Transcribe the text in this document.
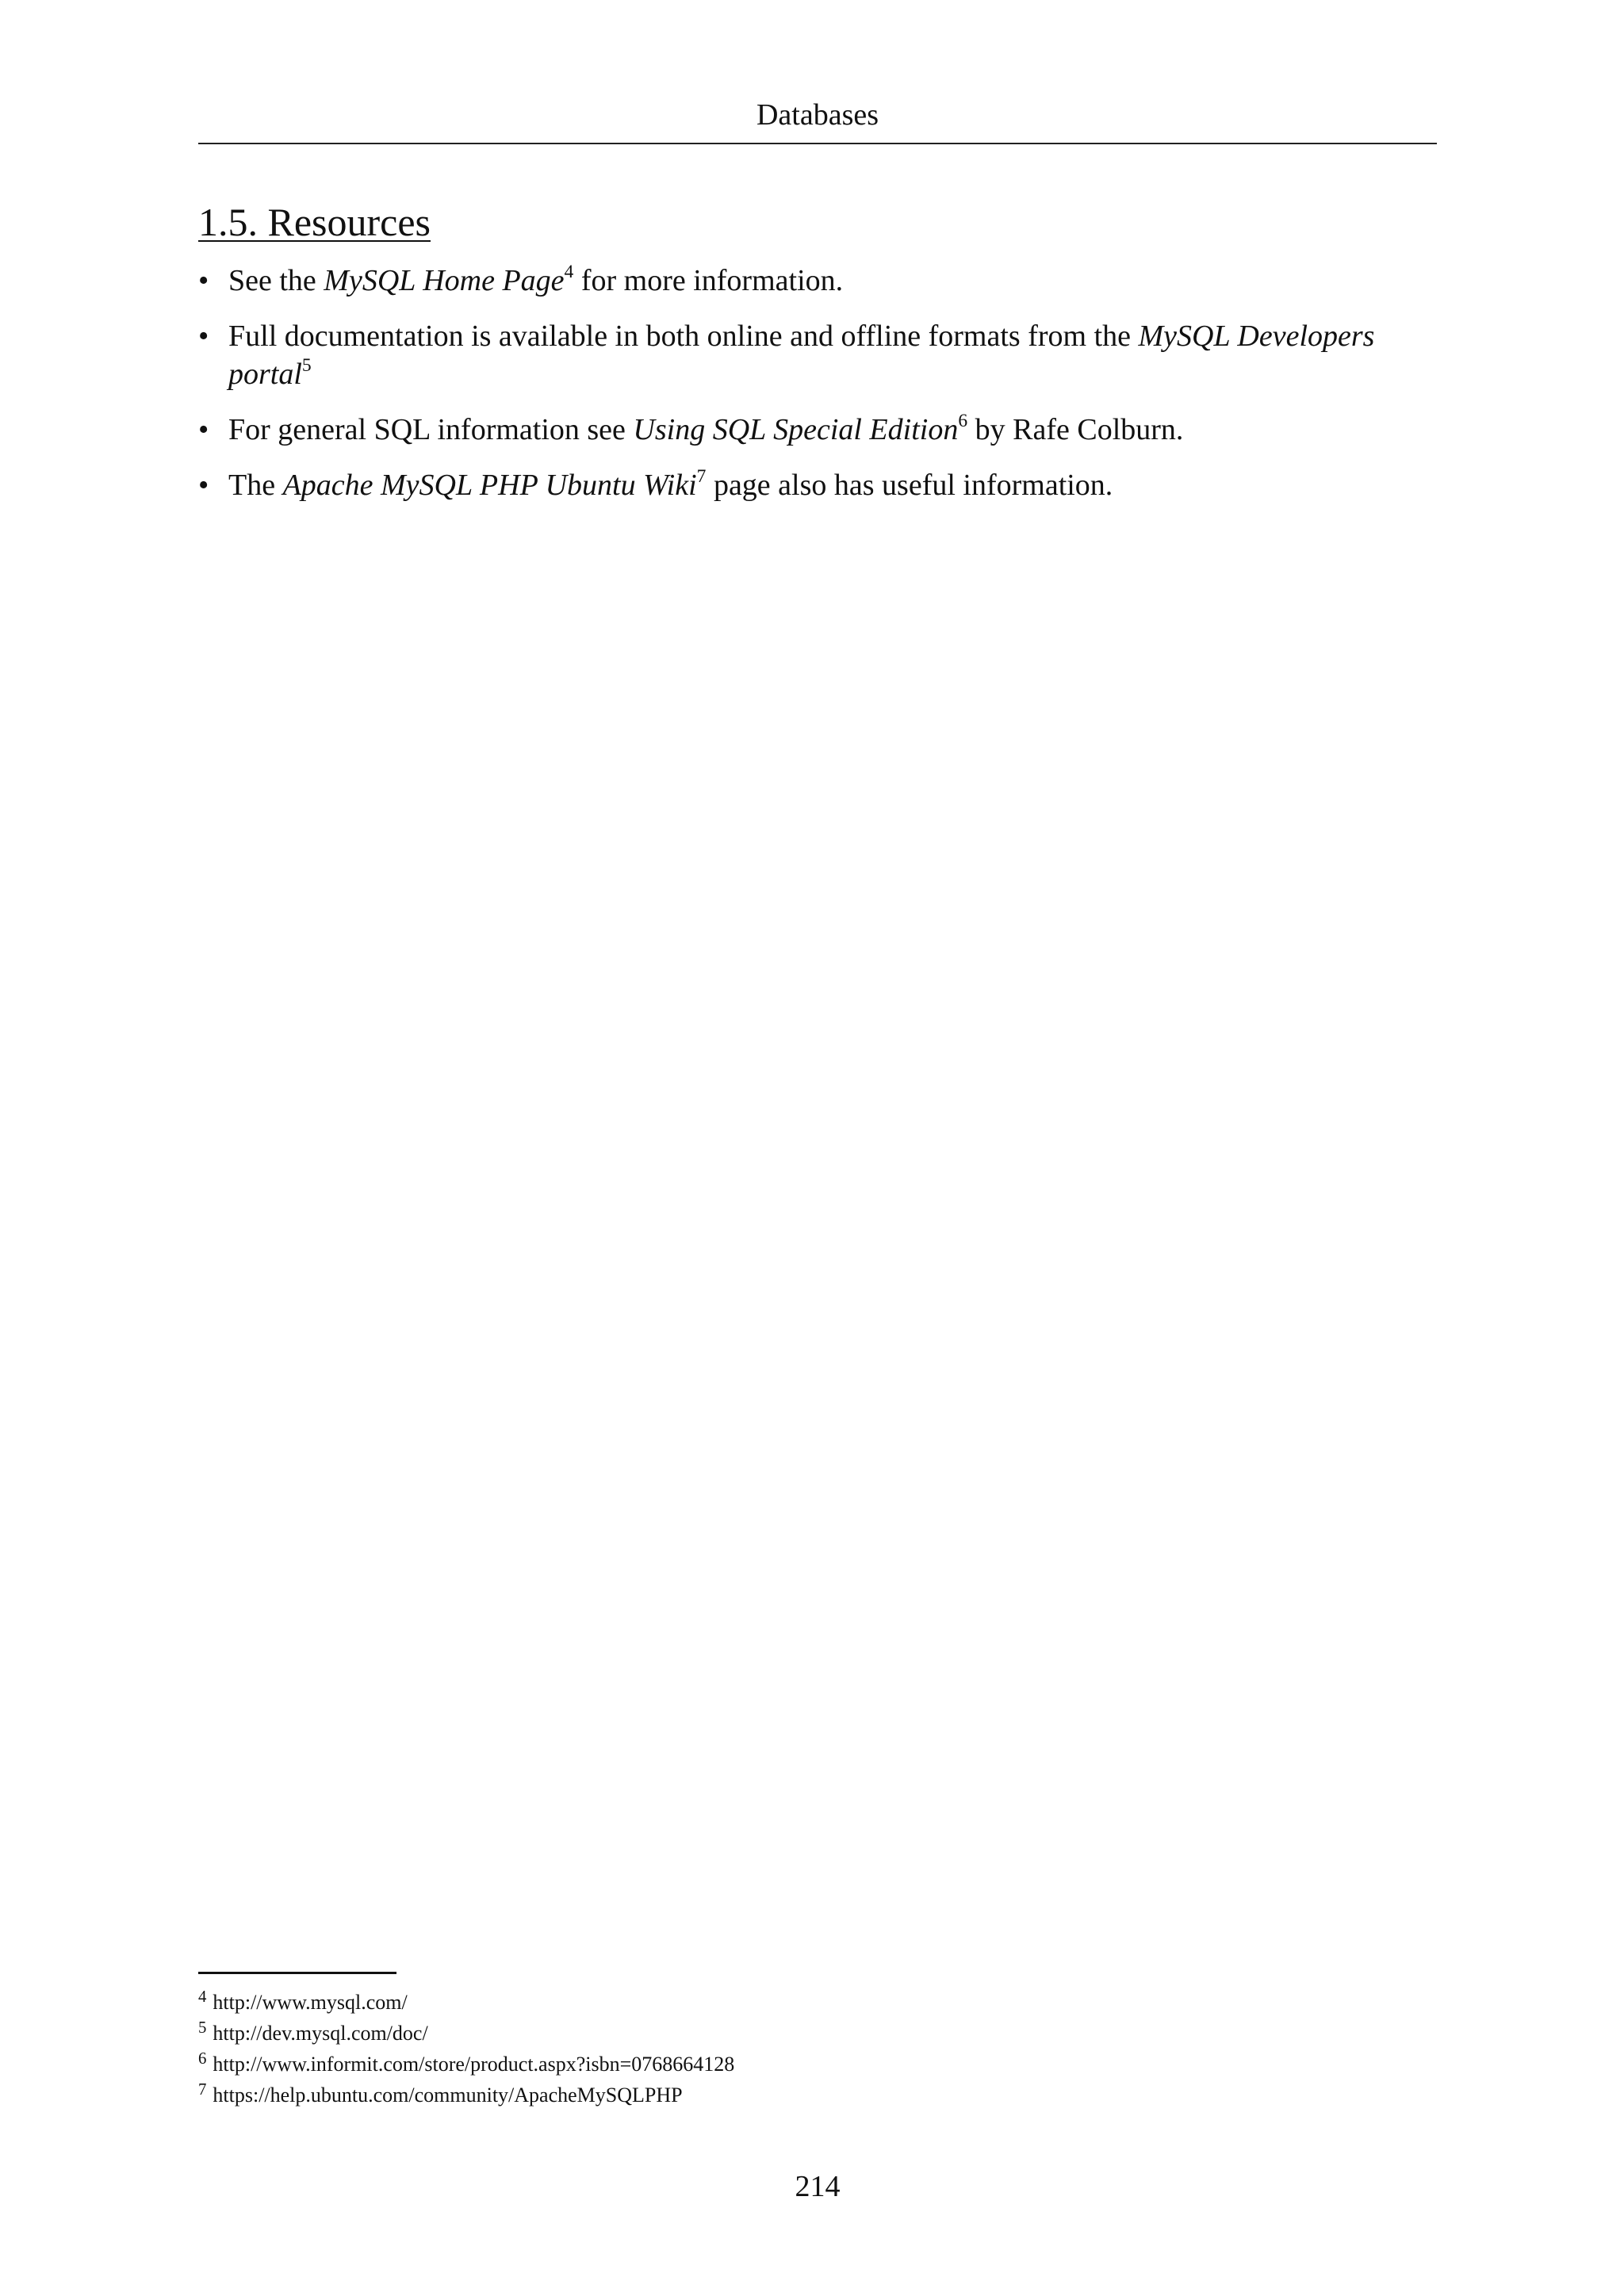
Databases
1.5. Resources
• See the MySQL Home Page$^4$ for more information.
• Full documentation is available in both online and offline formats from the MySQL Developers portal$^5$
• For general SQL information see Using SQL Special Edition$^6$ by Rafe Colburn.
• The Apache MySQL PHP Ubuntu Wiki$^7$ page also has useful information.
$^4$ http://www.mysql.com/
$^5$ http://dev.mysql.com/doc/
$^6$ http://www.informit.com/store/product.aspx?isbn=0768664128
$^7$ https://help.ubuntu.com/community/ApacheMySQLPHP
214
